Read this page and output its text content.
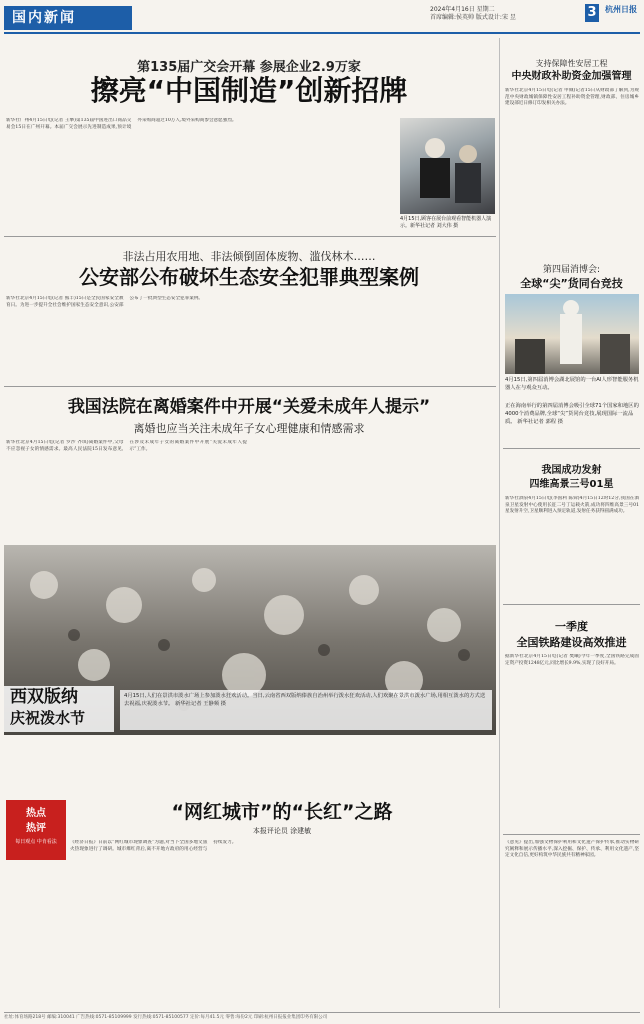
国内新闻
2024年4月16日 星期二
首席编辑:侯英帅 版式设计:宋 昱	3	杭州日报
第135届广交会开幕 参展企业2.9万家
擦亮“中国制造”创新招牌
新华社广州4月15日电(记者 王攀)第135届中国进出口商品交易会15日在广州开幕。本届广交会展示先进制造成果,预计境外采购商超过10万人,境外采购商参会意愿强烈。
4月15日,顾客在展台前观看智能机器人演示。新华社记者 刘大伟 摄
非法占用农用地、非法倾倒固体废物、滥伐林木……
公安部公布破坏生态安全犯罪典型案例
新华社北京4月15日电(记者 熊丰)15日是全民国家安全教育日。为进一步提升全社会维护国家生态安全意识,公安部公布了一批典型生态安全犯罪案例。
我国法院在离婚案件中开展“关爱未成年人提示”
离婚也应当关注未成年子女心理健康和情感需求
新华社北京4月15日电(记者 罗沙 齐琪)离婚案件中,父母不应忽视子女的情感需求。最高人民法院15日发布意见,在涉及未成年子女的离婚案件中开展“关爱未成年人提示”工作。
西双版纳
庆祝泼水节
4月15日,人们在景洪市泼水广场上参加泼水狂欢活动。当日,云南省西双版纳傣族自治州举行泼水狂欢活动,人们欢聚在景洪市泼水广场,用相互泼水的方式送去祝福,庆祝泼水节。 新华社记者 王静频 摄
热点
热评
每日观点 中肯看法
“网红城市”的“长红”之路
本报评论员 涂建敏
《经济日报》日前以“网红城市现象调查”为题,对当下全国多地文旅火热现象进行了调研。城市爆红背后,离不开地方政府的用心经营与持续发力。
支持保障性安居工程
中央财政补助资金加强管理
新华社北京4月15日电(记者 申铖)记者15日从财政部了解到,为规范中央财政城镇保障性安居工程补助资金管理,财政部、住房城乡建设部近日修订印发相关办法。
第四届消博会:
全球“尖”货同台竞技
4月15日,第四届消博会湖北展馆的一台AI人形智能服务机器人在与观众互动。
正在海南举行的第四届消博会吸引全球71个国家和地区的4000个消费品牌,全球“尖”货同台竞技,展现国际一流品质。 新华社记者 郭程 摄
我国成功发射
四维高景三号01星
新华社酒泉4月15日电(李国利 陈舜)4月15日12时12分,我国在酒泉卫星发射中心使用长征二号丁运载火箭,成功将四维高景三号01星发射升空,卫星顺利进入预定轨道,发射任务获得圆满成功。
一季度
全国铁路建设高效推进
据新华社北京4月15日电(记者 樊曦)今年一季度,全国铁路完成固定资产投资1248亿元,同比增长9.9%,实现了良好开局。
《意见》提出,加强文物保护利用和文化遗产保护传承,推动实物研究阐释和展示传播水平,深入挖掘、保护、传承、利用文化遗产,坚定文化自信,更好构筑中华民族共有精神家园。
社址:体育场路218号 邮编:310041 广告热线:0571-85109999 发行热线:0571-85100577 定价:每月41.5元 零售:每份2元 印刷:杭州日报报业集团印务有限公司
